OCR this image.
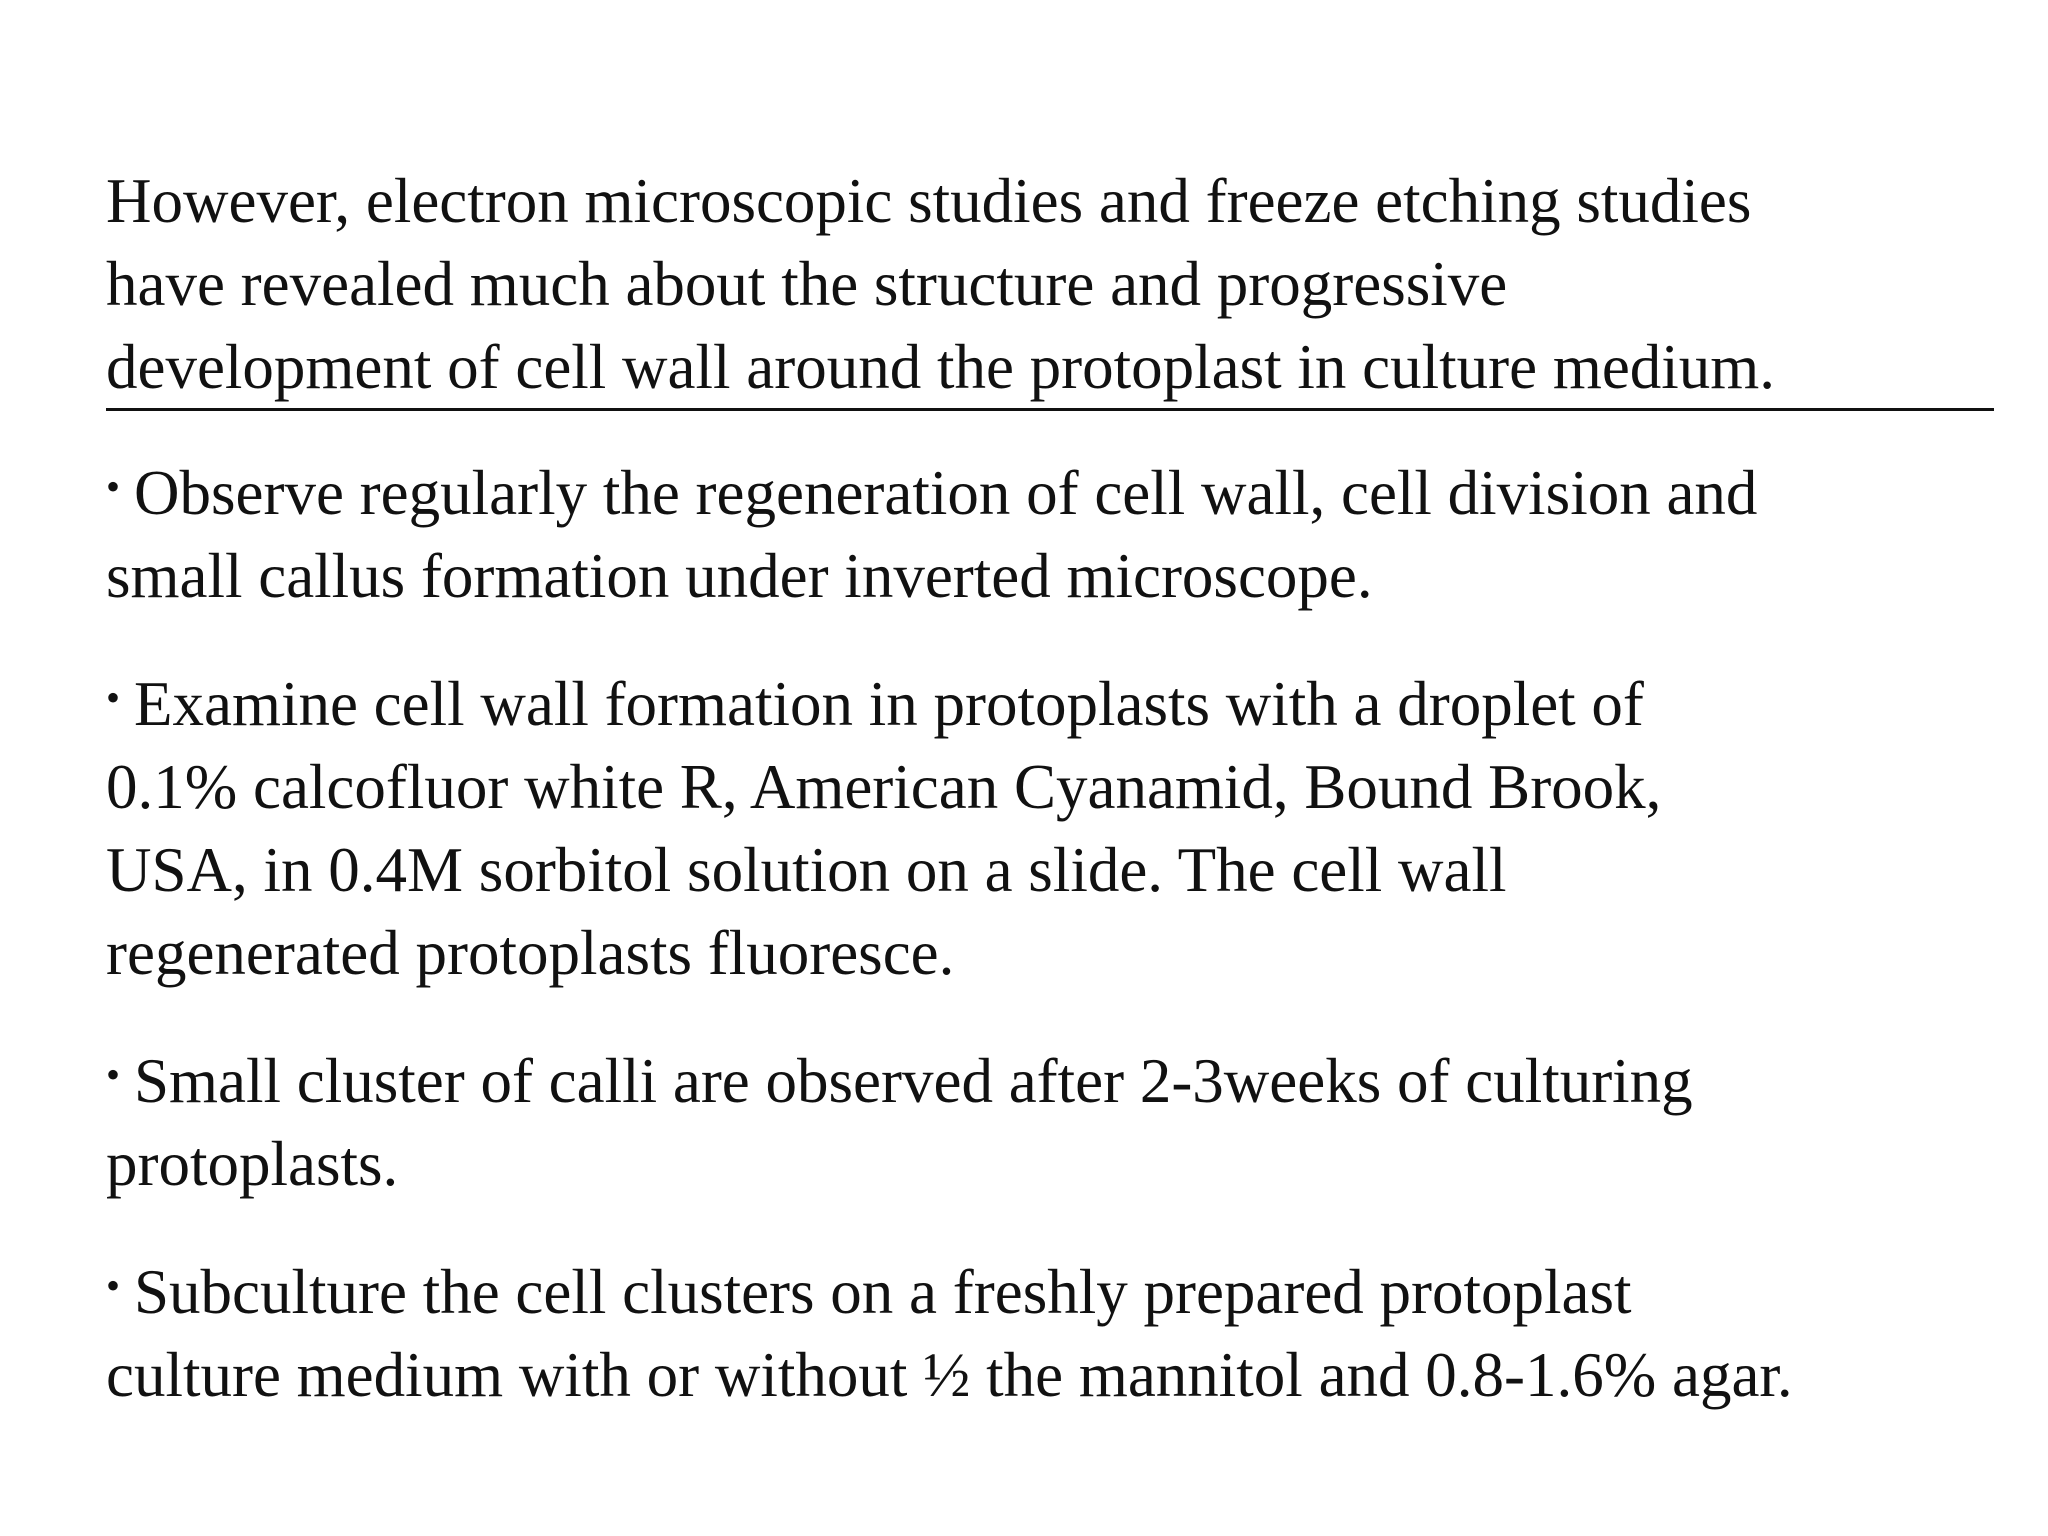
However, electron microscopic studies and freeze etching studies
have revealed much about the structure and progressive
development of cell wall around the protoplast in culture medium.

• Observe regularly the regeneration of cell wall, cell division and
small callus formation under inverted microscope.

• Examine cell wall formation in protoplasts with a droplet of
0.1% calcofluor white R, American Cyanamid, Bound Brook,
USA, in 0.4M sorbitol solution on a slide. The cell wall
regenerated protoplasts fluoresce.

• Small cluster of calli are observed after 2-3weeks of culturing
protoplasts.

• Subculture the cell clusters on a freshly prepared protoplast
culture medium with or without ½ the mannitol and 0.8-1.6% agar.
